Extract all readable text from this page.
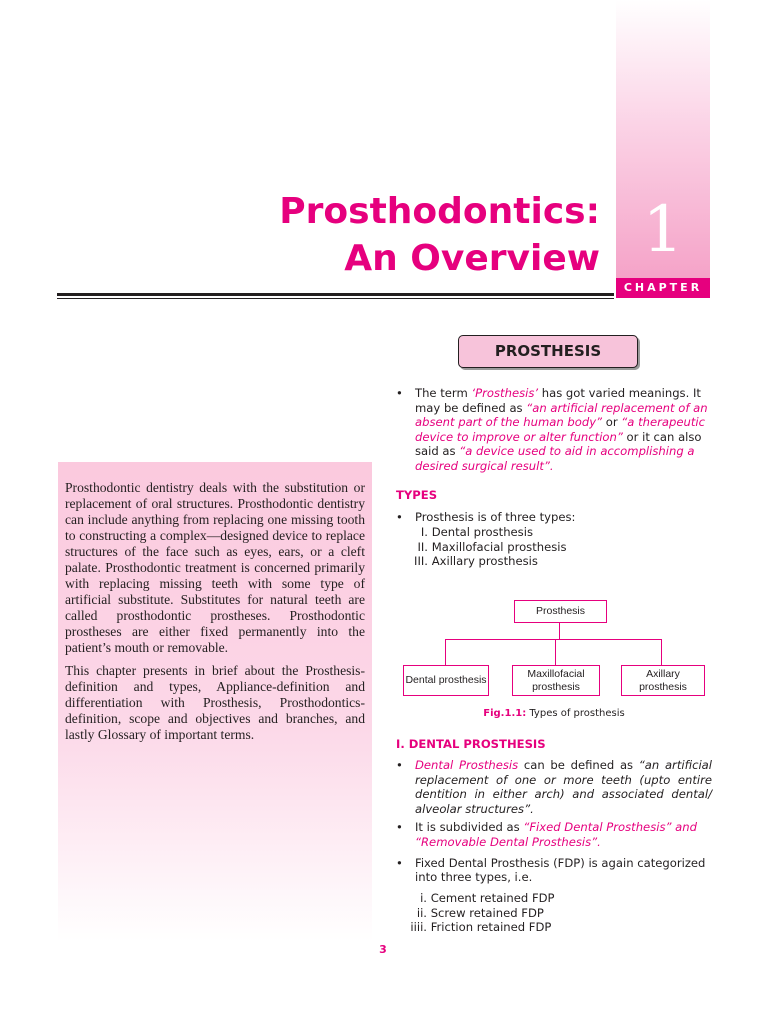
1
CHAPTER
Prosthodontics:
An Overview

Prosthodontic dentistry deals with the substitution or replacement of oral structures. Prosthodontic dentistry can include anything from replacing one missing tooth to constructing a complex—designed device to replace structures of the face such as eyes, ears, or a cleft palate. Prosthodontic treatment is concerned primarily with replacing missing teeth with some type of artificial substitute. Substitutes for natural teeth are called prosthodontic prostheses. Prosthodontic prostheses are either fixed permanently into the patient’s mouth or removable.

This chapter presents in brief about the Prosthesis-definition and types, Appliance-definition and differentiation with Prosthesis, Prosthodontics-definition, scope and objectives and branches, and lastly Glossary of important terms.

PROSTHESIS

• The term ‘Prosthesis’ has got varied meanings. It may be defined as “an artificial replacement of an absent part of the human body” or “a therapeutic device to improve or alter function” or it can also said as “a device used to aid in accomplishing a desired surgical result”.

TYPES

• Prosthesis is of three types:

I. Dental prosthesis
II. Maxillofacial prosthesis
III. Axillary prosthesis
Prosthesis
Dental prosthesis
Maxillofacial prosthesis
Axillary prosthesis
Fig.1.1: Types of prosthesis
I. DENTAL PROSTHESIS

• Dental Prosthesis can be defined as “an artificial replacement of one or more teeth (upto entire dentition in either arch) and associated dental/ alveolar structures”.

• It is subdivided as “Fixed Dental Prosthesis” and “Removable Dental Prosthesis”.

• Fixed Dental Prosthesis (FDP) is again categorized into three types, i.e.

i. Cement retained FDP
ii. Screw retained FDP
iiii. Friction retained FDP
3
